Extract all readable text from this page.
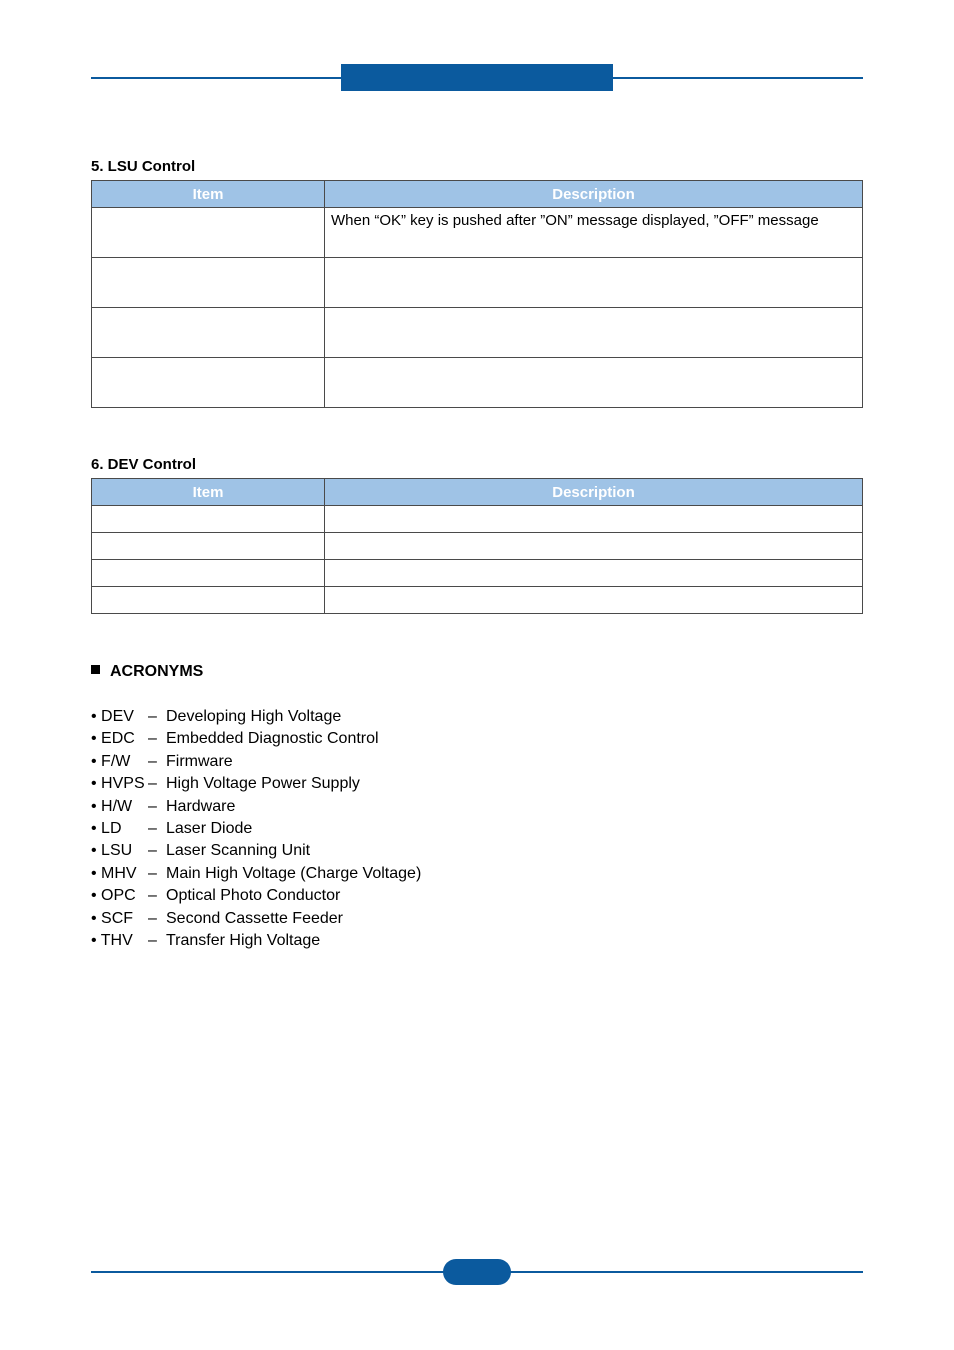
5. LSU Control
Item	Description
	When “OK” key is pushed after ”ON” message displayed, ”OFF” message

6. DEV Control
Item	Description

ACRONYMS
• DEV – Developing High Voltage
• EDC – Embedded Diagnostic Control
• F/W – Firmware
• HVPS – High Voltage Power Supply
• H/W – Hardware
• LD – Laser Diode
• LSU – Laser Scanning Unit
• MHV – Main High Voltage (Charge Voltage)
• OPC – Optical Photo Conductor
• SCF – Second Cassette Feeder
• THV – Transfer High Voltage
